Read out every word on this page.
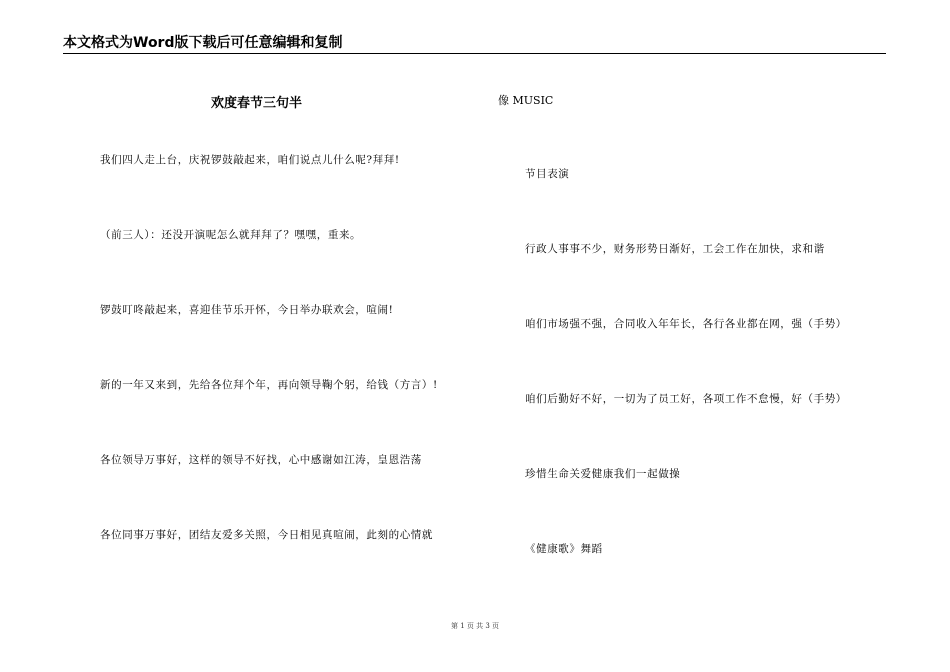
本文格式为Word版下载后可任意编辑和复制
欢度春节三句半	像 MUSIC
我们四人走上台，庆祝锣鼓敲起来，咱们说点儿什么呢?拜拜!
（前三人）：还没开演呢怎么就拜拜了？嘿嘿，重来。
锣鼓叮咚敲起来，喜迎佳节乐开怀，今日举办联欢会，喧闹!
新的一年又来到，先给各位拜个年，再向领导鞠个躬，给钱（方言）!
各位领导万事好，这样的领导不好找，心中感谢如江涛，皇恩浩荡
各位同事万事好，团结友爱多关照，今日相见真喧闹，此刻的心情就
节目表演
行政人事事不少，财务形势日渐好，工会工作在加快，求和谐
咱们市场强不强，合同收入年年长，各行各业都在网，强（手势）
咱们后勤好不好，一切为了员工好，各项工作不怠慢，好（手势）
珍惜生命关爱健康我们一起做操
《健康歌》舞蹈
第 1 页 共 3 页
